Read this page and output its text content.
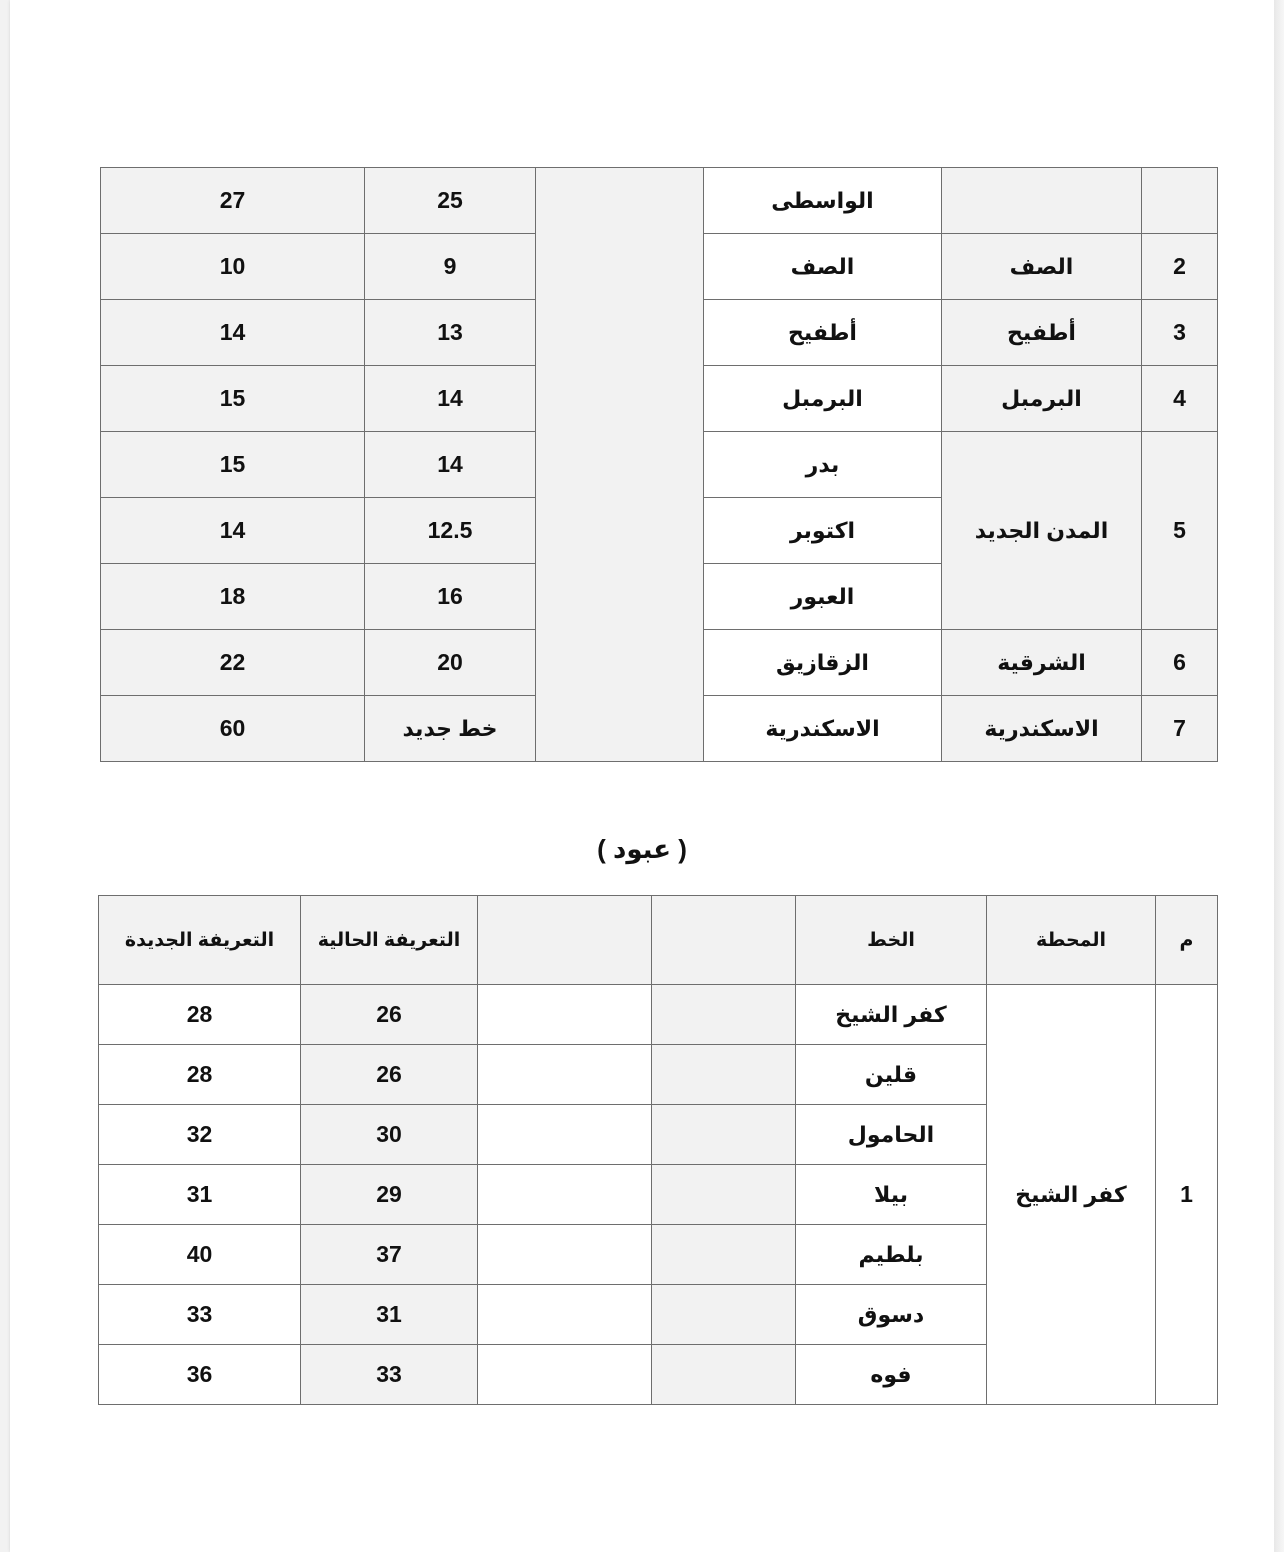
		الواسطى		25	27
2	الصف	الصف		9	10
3	أطفيح	أطفيح		13	14
4	البرمبل	البرمبل		14	15
5	المدن الجديد	بدر		14	15
		اكتوبر		12.5	14
		العبور		16	18
6	الشرقية	الزقازيق		20	22
7	الاسكندرية	الاسكندرية		خط جديد	60
( عبود )
م	المحطة	الخط			التعريفة الحالية	التعريفة الجديدة
1	كفر الشيخ	كفر الشيخ			26	28
		قلين			26	28
		الحامول			30	32
		بيلا			29	31
		بلطيم			37	40
		دسوق			31	33
		فوه			33	36
